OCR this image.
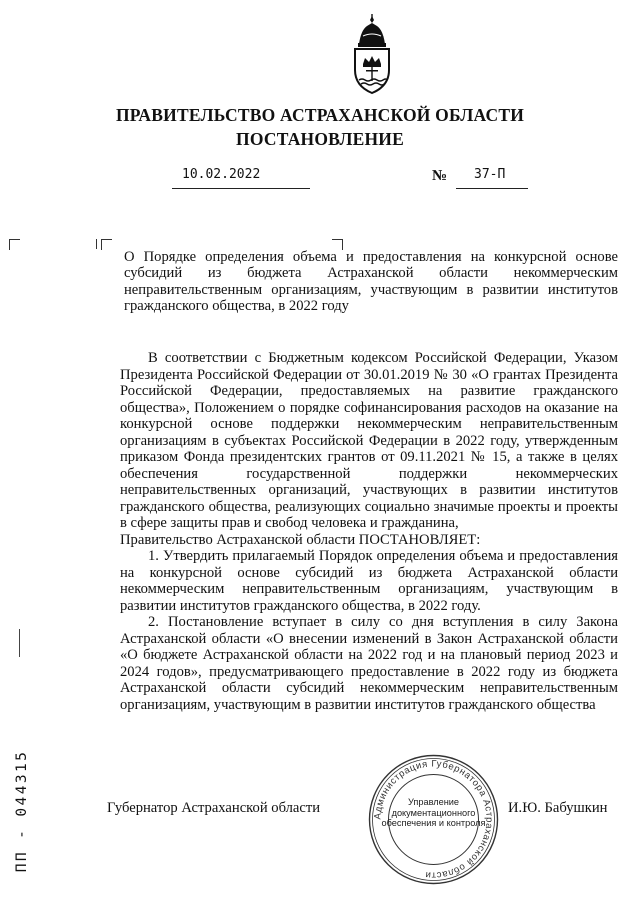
ПРАВИТЕЛЬСТВО АСТРАХАНСКОЙ ОБЛАСТИ
ПОСТАНОВЛЕНИЕ
10.02.2022	№ 37-П
О Порядке определения объема и предоставления на конкурсной основе субсидий из бюджета Астраханской области некоммерческим неправительственным организациям, участвующим в развитии институтов гражданского общества, в 2022 году

В соответствии с Бюджетным кодексом Российской Федерации, Указом Президента Российской Федерации от 30.01.2019 № 30 «О грантах Президента Российской Федерации, предоставляемых на развитие гражданского общества», Положением о порядке софинансирования расходов на оказание на конкурсной основе поддержки некоммерческим неправительственным организациям в субъектах Российской Федерации в 2022 году, утвержденным приказом Фонда президентских грантов от 09.11.2021 № 15, а также в целях обеспечения государственной поддержки некоммерческих неправительственных организаций, участвующих в развитии институтов гражданского общества, реализующих социально значимые проекты и проекты в сфере защиты прав и свобод человека и гражданина,

Правительство Астраханской области ПОСТАНОВЛЯЕТ:

1. Утвердить прилагаемый Порядок определения объема и предоставления на конкурсной основе субсидий из бюджета Астраханской области некоммерческим неправительственным организациям, участвующим в развитии институтов гражданского общества, в 2022 году.

2. Постановление вступает в силу со дня вступления в силу Закона Астраханской области «О внесении изменений в Закон Астраханской области «О бюджете Астраханской области на 2022 год и на плановый период 2023 и 2024 годов», предусматривающего предоставление в 2022 году из бюджета Астраханской области субсидий некоммерческим неправительственным организациям, участвующим в развитии институтов гражданского общества

Губернатор Астраханской области	И.Ю. Бабушкин
Администрация Губернатора Астраханской области
Управление документационного обеспечения и контроля
ПП - 044315
